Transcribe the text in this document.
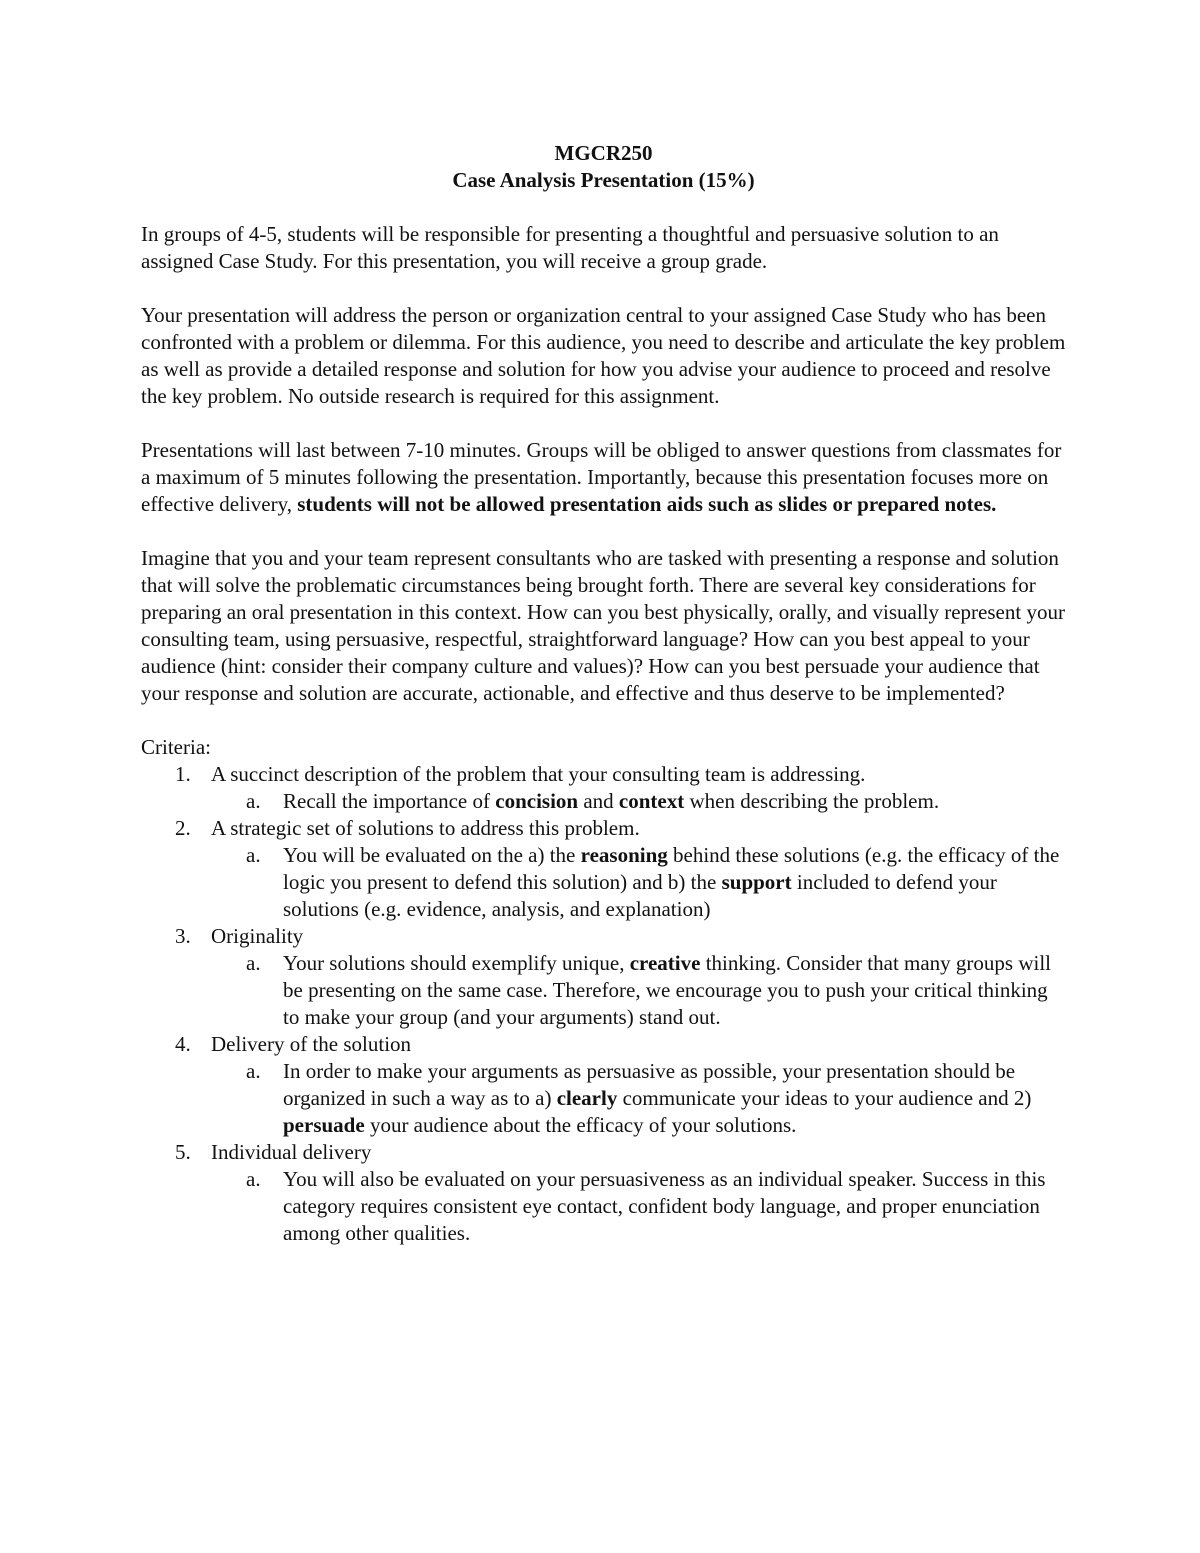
MGCR250
Case Analysis Presentation (15%)

In groups of 4-5, students will be responsible for presenting a thoughtful and persuasive solution to an assigned Case Study. For this presentation, you will receive a group grade.

Your presentation will address the person or organization central to your assigned Case Study who has been confronted with a problem or dilemma. For this audience, you need to describe and articulate the key problem as well as provide a detailed response and solution for how you advise your audience to proceed and resolve the key problem. No outside research is required for this assignment.

Presentations will last between 7-10 minutes. Groups will be obliged to answer questions from classmates for a maximum of 5 minutes following the presentation. Importantly, because this presentation focuses more on effective delivery, students will not be allowed presentation aids such as slides or prepared notes.

Imagine that you and your team represent consultants who are tasked with presenting a response and solution that will solve the problematic circumstances being brought forth. There are several key considerations for preparing an oral presentation in this context. How can you best physically, orally, and visually represent your consulting team, using persuasive, respectful, straightforward language? How can you best appeal to your audience (hint: consider their company culture and values)? How can you best persuade your audience that your response and solution are accurate, actionable, and effective and thus deserve to be implemented?

Criteria:
1. A succinct description of the problem that your consulting team is addressing.
a. Recall the importance of concision and context when describing the problem.
2. A strategic set of solutions to address this problem.
a. You will be evaluated on the a) the reasoning behind these solutions (e.g. the efficacy of the logic you present to defend this solution) and b) the support included to defend your solutions (e.g. evidence, analysis, and explanation)
3. Originality
a. Your solutions should exemplify unique, creative thinking. Consider that many groups will be presenting on the same case. Therefore, we encourage you to push your critical thinking to make your group (and your arguments) stand out.
4. Delivery of the solution
a. In order to make your arguments as persuasive as possible, your presentation should be organized in such a way as to a) clearly communicate your ideas to your audience and 2) persuade your audience about the efficacy of your solutions.
5. Individual delivery
a. You will also be evaluated on your persuasiveness as an individual speaker. Success in this category requires consistent eye contact, confident body language, and proper enunciation among other qualities.
